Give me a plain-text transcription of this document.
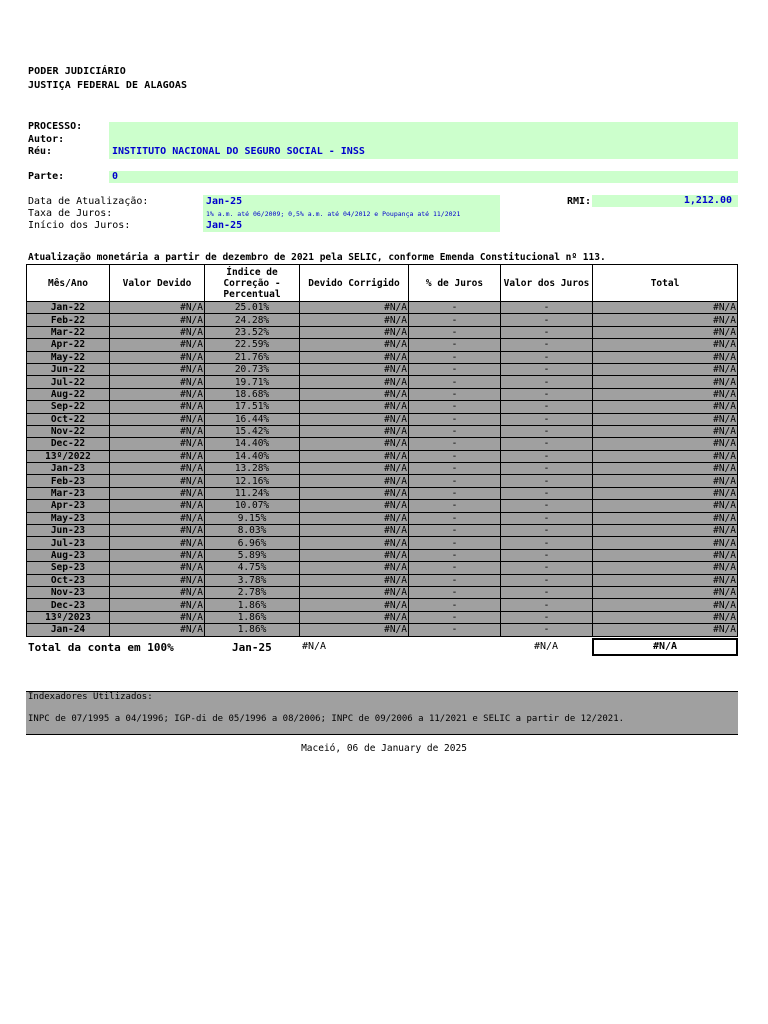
PODER JUDICIÁRIO
JUSTIÇA FEDERAL DE ALAGOAS
PROCESSO:
Autor:
Réu:	INSTITUTO NACIONAL DO SEGURO SOCIAL - INSS
Parte:	0
Data de Atualização:	Jan-25
Taxa de Juros:	1% a.m. até 06/2009; 0,5% a.m. até 04/2012 e Poupança até 11/2021
Início dos Juros:	Jan-25
RMI:	1,212.00
Atualização monetária a partir de dezembro de 2021 pela SELIC, conforme Emenda Constitucional nº 113.
Mês/Ano	Valor Devido	Índice de
Correção -
Percentual	Devido Corrigido	% de Juros	Valor dos Juros	Total
Jan-22	#N/A	25.01%	#N/A	-	-	#N/A
Feb-22	#N/A	24.28%	#N/A	-	-	#N/A
Mar-22	#N/A	23.52%	#N/A	-	-	#N/A
Apr-22	#N/A	22.59%	#N/A	-	-	#N/A
May-22	#N/A	21.76%	#N/A	-	-	#N/A
Jun-22	#N/A	20.73%	#N/A	-	-	#N/A
Jul-22	#N/A	19.71%	#N/A	-	-	#N/A
Aug-22	#N/A	18.68%	#N/A	-	-	#N/A
Sep-22	#N/A	17.51%	#N/A	-	-	#N/A
Oct-22	#N/A	16.44%	#N/A	-	-	#N/A
Nov-22	#N/A	15.42%	#N/A	-	-	#N/A
Dec-22	#N/A	14.40%	#N/A	-	-	#N/A
13º/2022	#N/A	14.40%	#N/A	-	-	#N/A
Jan-23	#N/A	13.28%	#N/A	-	-	#N/A
Feb-23	#N/A	12.16%	#N/A	-	-	#N/A
Mar-23	#N/A	11.24%	#N/A	-	-	#N/A
Apr-23	#N/A	10.07%	#N/A	-	-	#N/A
May-23	#N/A	9.15%	#N/A	-	-	#N/A
Jun-23	#N/A	8.03%	#N/A	-	-	#N/A
Jul-23	#N/A	6.96%	#N/A	-	-	#N/A
Aug-23	#N/A	5.89%	#N/A	-	-	#N/A
Sep-23	#N/A	4.75%	#N/A	-	-	#N/A
Oct-23	#N/A	3.78%	#N/A	-	-	#N/A
Nov-23	#N/A	2.78%	#N/A	-	-	#N/A
Dec-23	#N/A	1.86%	#N/A	-	-	#N/A
13º/2023	#N/A	1.86%	#N/A	-	-	#N/A
Jan-24	#N/A	1.86%	#N/A	-	-	#N/A
Total da conta em 100%	Jan-25	#N/A	#N/A	#N/A
Indexadores Utilizados:
INPC de 07/1995 a 04/1996; IGP-di de 05/1996 a 08/2006; INPC de 09/2006 a 11/2021 e SELIC a partir de 12/2021.
Maceió, 06 de January de 2025
